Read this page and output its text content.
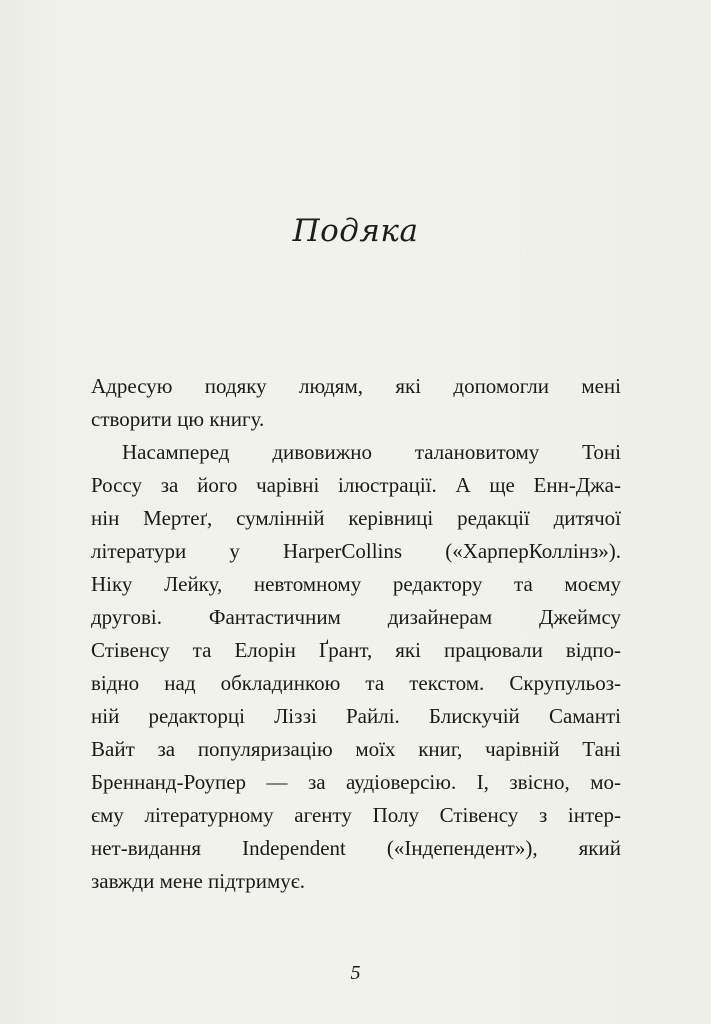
Подяка
Адресую подяку людям, які допомогли мені
створити цю книгу.
Насамперед дивовижно талановитому Тоні
Россу за його чарівні ілюстрації. А ще Енн-Джа-
нін Мертеґ, сумлінній керівниці редакції дитячої
літератури у HarperCollins («ХарперКоллінз»).
Ніку Лейку, невтомному редактору та моєму
другові. Фантастичним дизайнерам Джеймсу
Стівенсу та Елорін Ґрант, які працювали відпо-
відно над обкладинкою та текстом. Скрупульоз-
ній редакторці Ліззі Райлі. Блискучій Саманті
Вайт за популяризацію моїх книг, чарівній Тані
Бреннанд-Роупер — за аудіоверсію. І, звісно, мо-
єму літературному агенту Полу Стівенсу з інтер-
нет-видання Independent («Індепендент»), який
завжди мене підтримує.
5
